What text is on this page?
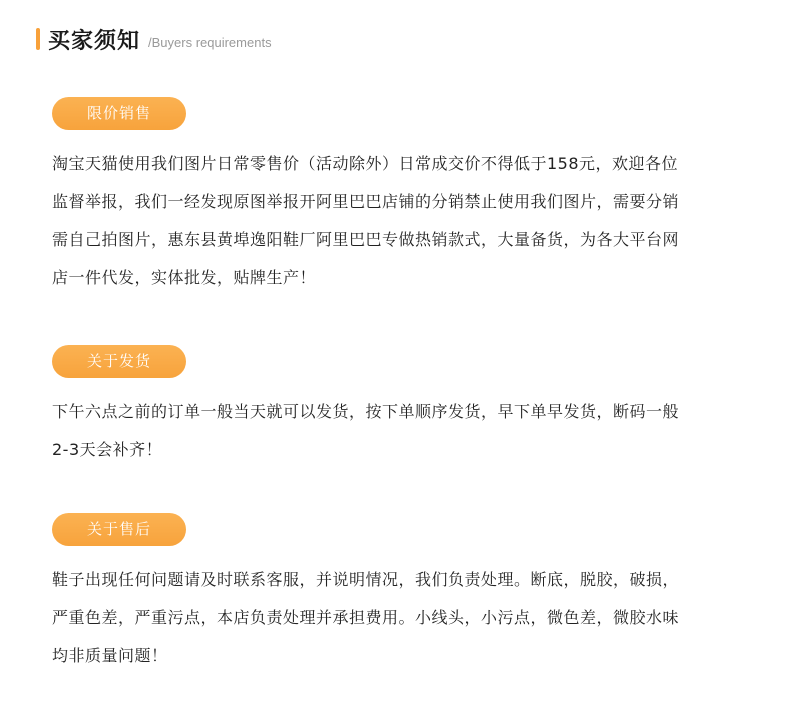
买家须知 /Buyers requirements
限价销售

淘宝天猫使用我们图片日常零售价（活动除外）日常成交价不得低于158元，欢迎各位

监督举报，我们一经发现原图举报开阿里巴巴店铺的分销禁止使用我们图片，需要分销

需自己拍图片，惠东县黄埠逸阳鞋厂阿里巴巴专做热销款式，大量备货，为各大平台网

店一件代发，实体批发，贴牌生产！

关于发货

下午六点之前的订单一般当天就可以发货，按下单顺序发货，早下单早发货，断码一般

2-3天会补齐！

关于售后

鞋子出现任何问题请及时联系客服，并说明情况，我们负责处理。断底，脱胶，破损，

严重色差，严重污点，本店负责处理并承担费用。小线头，小污点，微色差，微胶水味

均非质量问题！
